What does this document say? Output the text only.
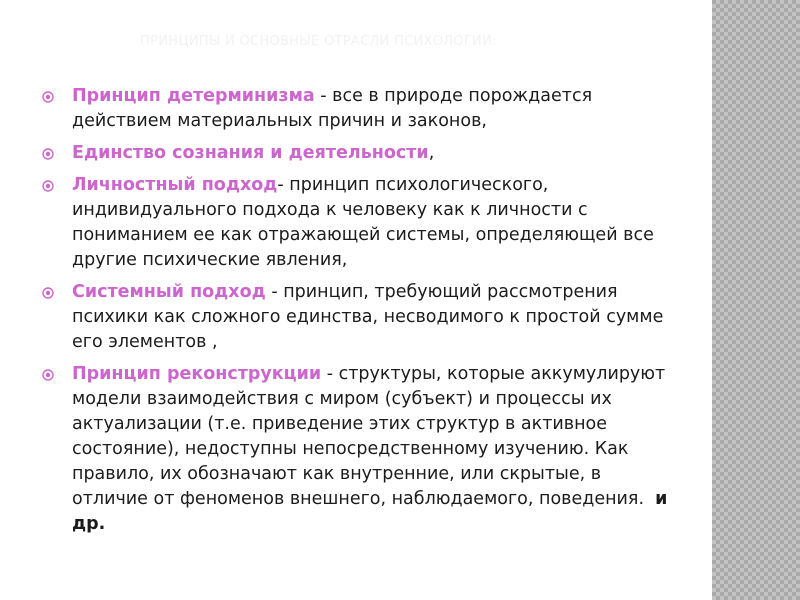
ПРИНЦИПЫ И ОСНОВНЫЕ ОТРАСЛИ ПСИХОЛОГИИ:
Принцип детерминизма - все в природе порождается действием материальных причин и законов,
Единство сознания и деятельности,
Личностный подход- принцип психологического, индивидуального подхода к человеку как к личности с пониманием ее как отражающей системы, определяющей все другие психические явления,
Системный подход - принцип, требующий рассмотрения психики как сложного единства, несводимого к простой сумме его элементов ,
Принцип реконструкции - структуры, которые аккумулируют модели взаимодействия с миром (субъект) и процессы их актуализации (т.е. приведение этих структур в активное состояние), недоступны непосредственному изучению. Как правило, их обозначают как внутренние, или скрытые, в отличие от феноменов внешнего, наблюдаемого, поведения. и др.
